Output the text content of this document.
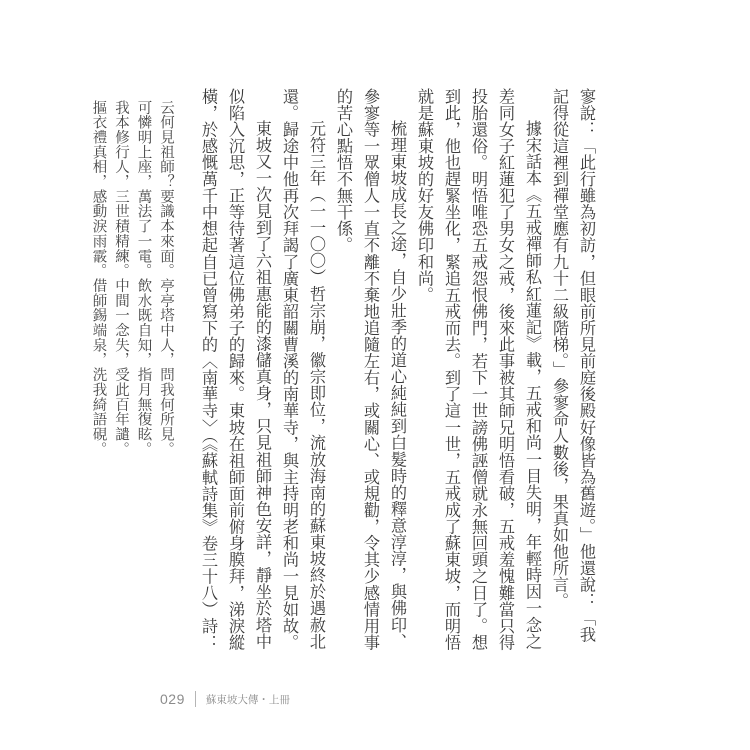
寥說：「此行雖為初訪，但眼前所見前庭後殿好像皆為舊遊。」他還說：「我記得從這裡到禪堂應有九十二級階梯。」參寥命人數後，果真如他所言。

據宋話本《五戒禪師私紅蓮記》載，五戒和尚一目失明，年輕時因一念之差同女子紅蓮犯了男女之戒，後來此事被其師兄明悟看破，五戒羞愧難當只得投胎還俗。明悟唯恐五戒怨恨佛門，若下一世謗佛誣僧就永無回頭之日了。想到此，他也趕緊坐化，緊追五戒而去。到了這一世，五戒成了蘇東坡，而明悟就是蘇東坡的好友佛印和尚。

梳理東坡成長之途，自少壯季的道心純純到白髮時的釋意淳淳，與佛印、參寥等一眾僧人一直不離不棄地追隨左右，或關心、或規勸，令其少感情用事的苦心點悟不無干係。

元符三年（一一〇〇）哲宗崩，徽宗即位，流放海南的蘇東坡終於遇赦北還。歸途中他再次拜謁了廣東韶關曹溪的南華寺，與主持明老和尚一見如故。

東坡又一次見到了六祖惠能的漆儲真身，只見祖師神色安詳，靜坐於塔中似陷入沉思，正等待著這位佛弟子的歸來。東坡在祖師面前俯身膜拜，涕淚縱橫，於感慨萬千中想起自已曾寫下的〈南華寺〉（《蘇軾詩集》卷三十八）詩：

云何見祖師？要識本來面。亭亭塔中人，問我何所見。
可憐明上座，萬法了一電。飲水既自知，指月無復眩。
我本修行人，三世積精練。中間一念失，受此百年譴。
摳衣禮真相，感動淚雨霰。借師錫端泉，洗我綺語硯。
029 蘇東坡大傳・上冊
